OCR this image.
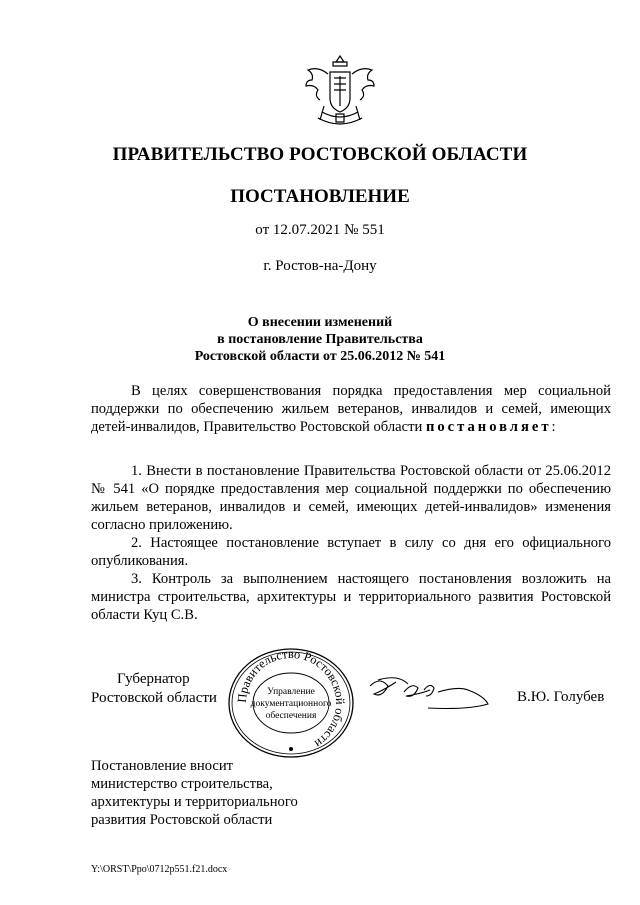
ПРАВИТЕЛЬСТВО РОСТОВСКОЙ ОБЛАСТИ
ПОСТАНОВЛЕНИЕ
от 12.07.2021 № 551
г. Ростов-на-Дону
О внесении изменений
в постановление Правительства
Ростовской области от 25.06.2012 № 541

В целях совершенствования порядка предоставления мер социальной поддержки по обеспечению жильем ветеранов, инвалидов и семей, имеющих детей-инвалидов, Правительство Ростовской области постановляет:

1. Внести в постановление Правительства Ростовской области от 25.06.2012 № 541 «О порядке предоставления мер социальной поддержки по обеспечению жильем ветеранов, инвалидов и семей, имеющих детей-инвалидов» изменения согласно приложению.

2. Настоящее постановление вступает в силу со дня его официального опубликования.

3. Контроль за выполнением настоящего постановления возложить на министра строительства, архитектуры и территориального развития Ростовской области Куц С.В.

Губернатор
Ростовской области Правительство Ростовской области
Управление
документационного
обеспечения
В.Ю. Голубев
Постановление вносит
министерство строительства,
архитектуры и территориального
развития Ростовской области
Y:\ORST\Ppo\0712p551.f21.docx
